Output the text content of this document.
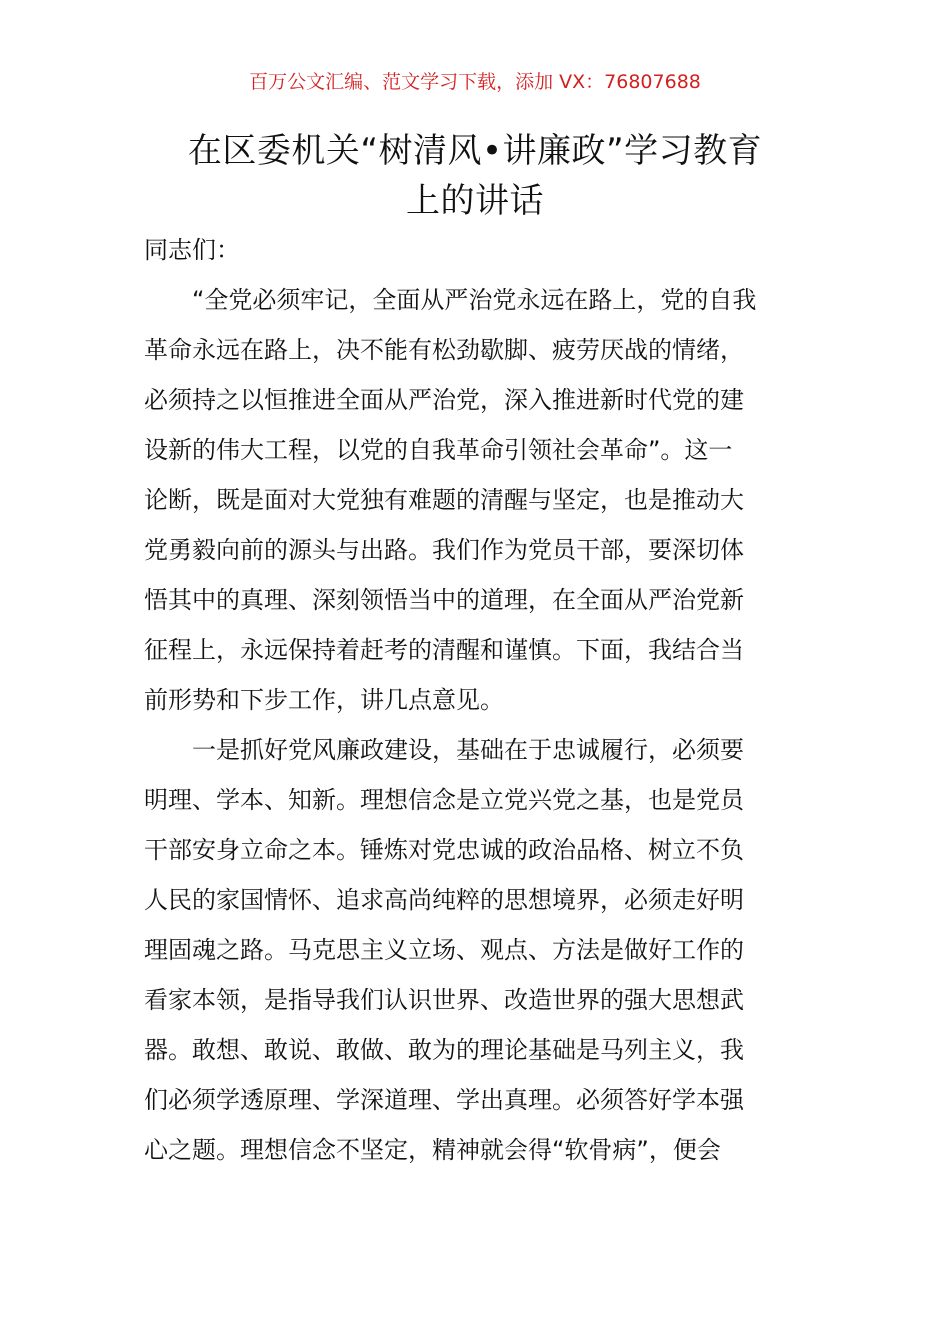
百万公文汇编、范文学习下载，添加 VX：76807688
在区委机关“树清风•讲廉政”学习教育
上的讲话
同志们：
“全党必须牢记，全面从严治党永远在路上，党的自我
革命永远在路上，决不能有松劲歇脚、疲劳厌战的情绪，
必须持之以恒推进全面从严治党，深入推进新时代党的建
设新的伟大工程，以党的自我革命引领社会革命”。这一
论断，既是面对大党独有难题的清醒与坚定，也是推动大
党勇毅向前的源头与出路。我们作为党员干部，要深切体
悟其中的真理、深刻领悟当中的道理，在全面从严治党新
征程上，永远保持着赶考的清醒和谨慎。下面，我结合当
前形势和下步工作，讲几点意见。
一是抓好党风廉政建设，基础在于忠诚履行，必须要
明理、学本、知新。理想信念是立党兴党之基，也是党员
干部安身立命之本。锤炼对党忠诚的政治品格、树立不负
人民的家国情怀、追求高尚纯粹的思想境界，必须走好明
理固魂之路。马克思主义立场、观点、方法是做好工作的
看家本领，是指导我们认识世界、改造世界的强大思想武
器。敢想、敢说、敢做、敢为的理论基础是马列主义，我
们必须学透原理、学深道理、学出真理。必须答好学本强
心之题。理想信念不坚定，精神就会得“软骨病”，便会
